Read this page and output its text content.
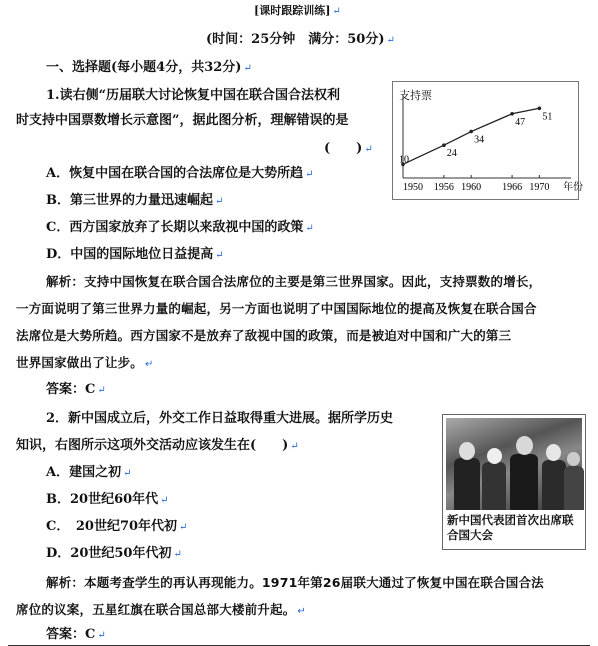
[课时跟踪训练] ↵
(时间：25分钟　满分：50分) ↵
一、选择题(每小题4分，共32分) ↵
1.读右侧“历届联大讨论恢复中国在联合国合法权利
时支持中国票数增长示意图”，据此图分析，理解错误的是
(　　) ↵
A．恢复中国在联合国的合法席位是大势所趋 ↵
B．第三世界的力量迅速崛起 ↵
C．西方国家放弃了长期以来敌视中国的政策 ↵
D．中国的国际地位日益提高 ↵
解析：支持中国恢复在联合国合法席位的主要是第三世界国家。因此，支持票数的增长，
一方面说明了第三世界力量的崛起，另一方面也说明了中国国际地位的提高及恢复在联合国合
法席位是大势所趋。西方国家不是放弃了敌视中国的政策，而是被迫对中国和广大的第三
世界国家做出了让步。 ↵
答案：C ↵
支持票
1950 1956 1960 1966 1970 年份
10
24
34
47 51
2．新中国成立后，外交工作日益取得重大进展。据所学历史
知识，右图所示这项外交活动应该发生在(　　) ↵
A．建国之初 ↵
B．20世纪60年代 ↵
C．　20世纪70年代初 ↵
D．20世纪50年代初 ↵
新中国代表团首次出席联合国大会
解析：本题考查学生的再认再现能力。1971年第26届联大通过了恢复中国在联合国合法
席位的议案，五星红旗在联合国总部大楼前升起。 ↵
答案：C ↵
